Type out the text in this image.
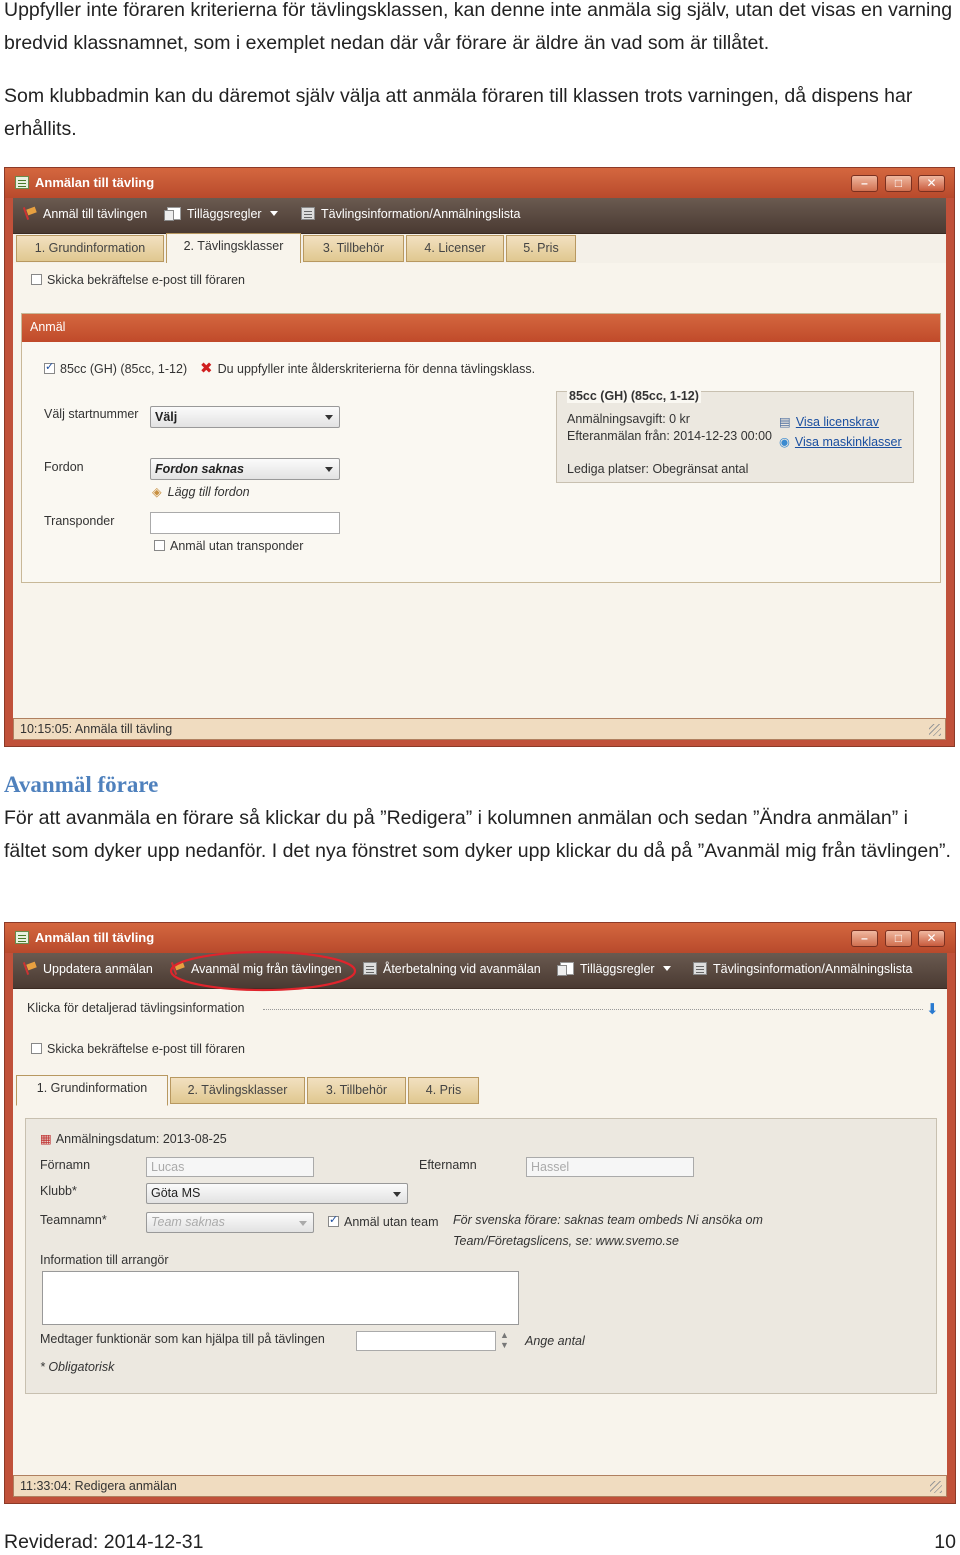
Uppfyller inte föraren kriterierna för tävlingsklassen, kan denne inte anmäla sig själv, utan det visas en varning bredvid klassnamnet, som i exemplet nedan där vår förare är äldre än vad som är tillåtet.

Som klubbadmin kan du däremot själv välja att anmäla föraren till klassen trots varningen, då dispens har erhållits.

Anmälan till tävling	–	□	✕
Anmäl till tävlingen	Tilläggsregler	Tävlingsinformation/Anmälningslista
1. Grundinformation	2. Tävlingsklasser	3. Tillbehör	4. Licenser	5. Pris
Skicka bekräftelse e-post till föraren
Anmäl
✓85cc (GH) (85cc, 1-12) ✖ Du uppfyller inte ålderskriterierna för denna tävlingsklass.
Välj startnummer	Välj
Fordon	Fordon saknas
◈ Lägg till fordon
Transponder
Anmäl utan transponder
85cc (GH) (85cc, 1-12)
Anmälningsavgift: 0 kr
Efteranmälan från: 2014-12-23 00:00
Lediga platser: Obegränsat antal
▤ Visa licenskrav
◉ Visa maskinklasser
10:15:05: Anmäla till tävling
Avanmäl förare

För att avanmäla en förare så klickar du på ”Redigera” i kolumnen anmälan och sedan ”Ändra anmälan” i fältet som dyker upp nedanför. I det nya fönstret som dyker upp klickar du då på ”Avanmäl mig från tävlingen”.

Anmälan till tävling	–	□	✕
Uppdatera anmälan	Avanmäl mig från tävlingen	Återbetalning vid avanmälan	Tilläggsregler	Tävlingsinformation/Anmälningslista
Klicka för detaljerad tävlingsinformation	⬇
Skicka bekräftelse e-post till föraren
1. Grundinformation	2. Tävlingsklasser	3. Tillbehör	4. Pris
▦ Anmälningsdatum: 2013-08-25
Förnamn	Lucas	Efternamn	Hassel
Klubb*	Göta MS
Teamnamn*	Team saknas
✓	Anmäl utan team För svenska förare: saknas team ombeds Ni ansöka om
Team/Företagslicens, se: www.svemo.se
Information till arrangör
Medtager funktionär som kan hjälpa till på tävlingen	▲
▼ Ange antal
* Obligatorisk
11:33:04: Redigera anmälan
Reviderad: 2014-12-31	10
